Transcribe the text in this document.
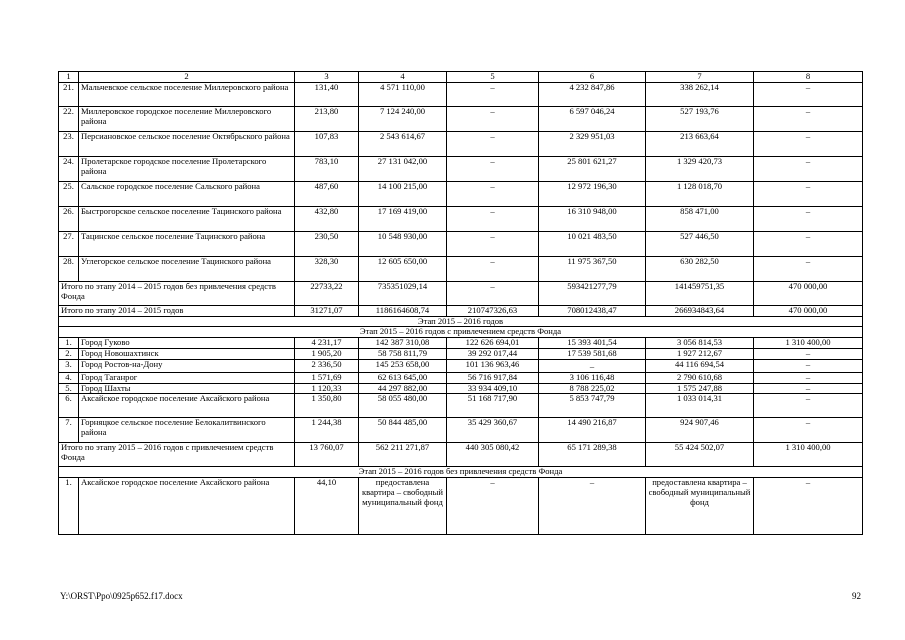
1	2	3	4	5	6	7	8
21.	Мальчевское сельское поселение Миллеровского района	131,40	4 571 110,00	–	4 232 847,86	338 262,14	–
22.	Миллеровское городское поселение Миллеровского района	213,80	7 124 240,00	–	6 597 046,24	527 193,76	–
23.	Персиановское сельское поселение Октябрьского района	107,83	2 543 614,67	–	2 329 951,03	213 663,64	–
24.	Пролетарское городское поселение Пролетарского района	783,10	27 131 042,00	–	25 801 621,27	1 329 420,73	–
25.	Сальское городское поселение Сальского района	487,60	14 100 215,00	–	12 972 196,30	1 128 018,70	–
26.	Быстрогорское сельское поселение Тацинского района	432,80	17 169 419,00	–	16 310 948,00	858 471,00	–
27.	Тацинское сельское поселение Тацинского района	230,50	10 548 930,00	–	10 021 483,50	527 446,50	–
28.	Углегорское сельское поселение Тацинского района	328,30	12 605 650,00	–	11 975 367,50	630 282,50	–
Итого по этапу 2014 – 2015 годов без привлечения средств Фонда		22733,22	735351029,14	–	593421277,79	141459751,35	470 000,00
Итого по этапу 2014 – 2015 годов		31271,07	1186164608,74	210747326,63	708012438,47	266934843,64	470 000,00
Этап 2015 – 2016 годов							
Этап 2015 – 2016 годов с привлечением средств Фонда							
1.	Город Гуково	4 231,17	142 387 310,08	122 626 694,01	15 393 401,54	3 056 814,53	1 310 400,00
2.	Город Новошахтинск	1 905,20	58 758 811,79	39 292 017,44	17 539 581,68	1 927 212,67	–
3.	Город Ростов-на-Дону	2 336,50	145 253 658,00	101 136 963,46	–	44 116 694,54	–
4.	Город Таганрог	1 571,69	62 613 645,00	56 716 917,84	3 106 116,48	2 790 610,68	–
5.	Город Шахты	1 120,33	44 297 882,00	33 934 409,10	8 788 225,02	1 575 247,88	–
6.	Аксайское городское поселение Аксайского района	1 350,80	58 055 480,00	51 168 717,90	5 853 747,79	1 033 014,31	–
7.	Горняцкое сельское поселение Белокалитвинского района	1 244,38	50 844 485,00	35 429 360,67	14 490 216,87	924 907,46	–
Итого по этапу 2015 – 2016 годов с привлечением средств Фонда		13 760,07	562 211 271,87	440 305 080,42	65 171 289,38	55 424 502,07	1 310 400,00
Этап 2015 – 2016 годов без привлечения средств Фонда							
1.	Аксайское городское поселение Аксайского района	44,10	предоставлена квартира – свободный муниципальный фонд	–	–	предоставлена квартира – свободный муниципальный фонд	–
Y:\ORST\Ppo\0925p652.f17.docx	92
